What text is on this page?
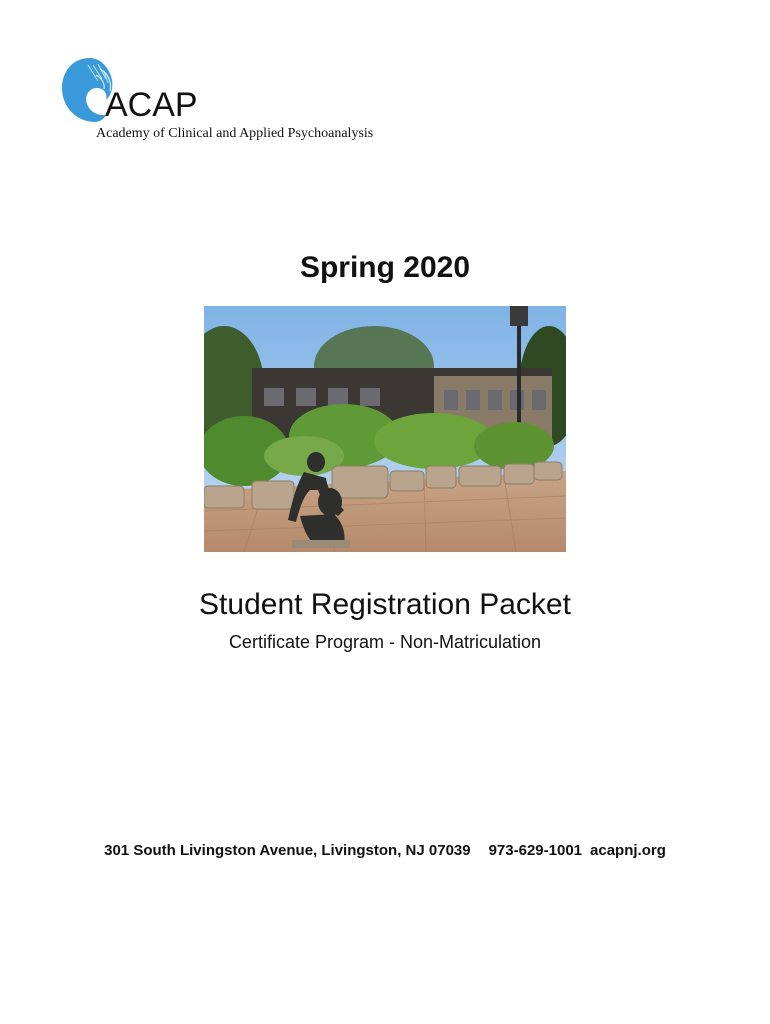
ACAP
Academy of Clinical and Applied Psychoanalysis
Spring 2020
Student Registration Packet
Certificate Program - Non-Matriculation
301 South Livingston Avenue, Livingston, NJ 07039 973-629-1001 acapnj.org
